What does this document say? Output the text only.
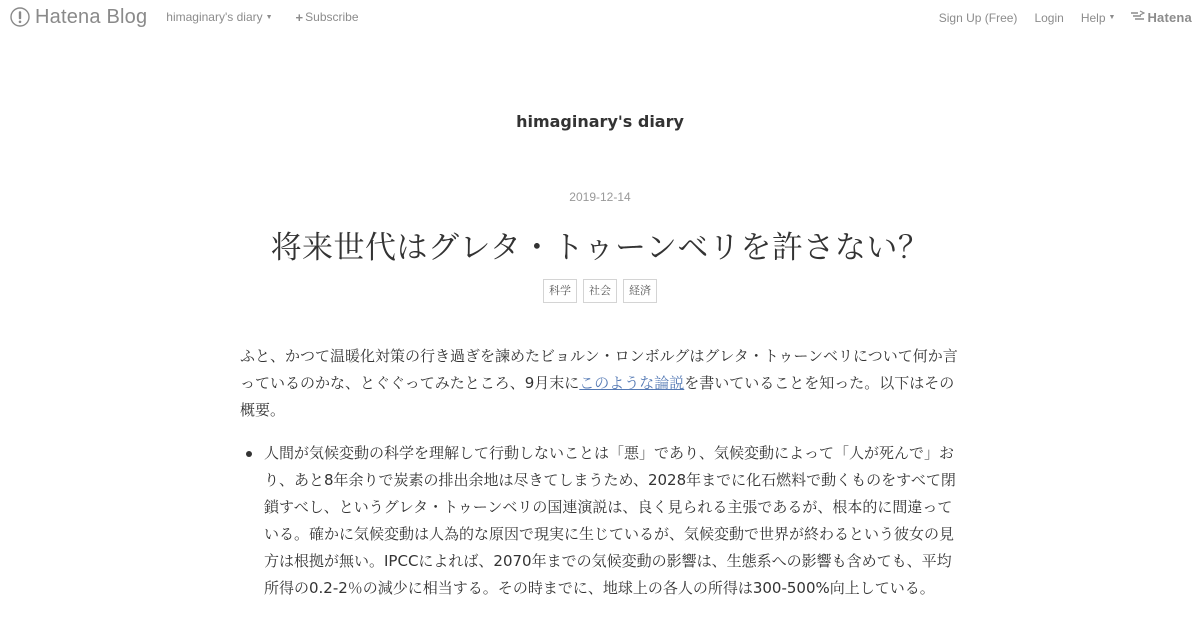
Hatena Blog himaginary's diary ▼ + Subscribe	Sign Up (Free) Login Help ▼ Hatena
himaginary's diary
2019-12-14
将来世代はグレタ・トゥーンベリを許さない？
科学	社会	経済

ふと、かつて温暖化対策の行き過ぎを諫めたビョルン・ロンボルグはグレタ・トゥーンベリについて何か言っているのかな、とぐぐってみたところ、9月末にこのような論説を書いていることを知った。以下はその概要。

人間が気候変動の科学を理解して行動しないことは「悪」であり、気候変動によって「人が死んで」おり、あと8年余りで炭素の排出余地は尽きてしまうため、2028年までに化石燃料で動くものをすべて閉鎖すべし、というグレタ・トゥーンベリの国連演説は、良く見られる主張であるが、根本的に間違っている。確かに気候変動は人為的な原因で現実に生じているが、気候変動で世界が終わるという彼女の見方は根拠が無い。IPCCによれば、2070年までの気候変動の影響は、生態系への影響も含めても、平均所得の0.2-2％の減少に相当する。その時までに、地球上の各人の所得は300-500%向上している。
